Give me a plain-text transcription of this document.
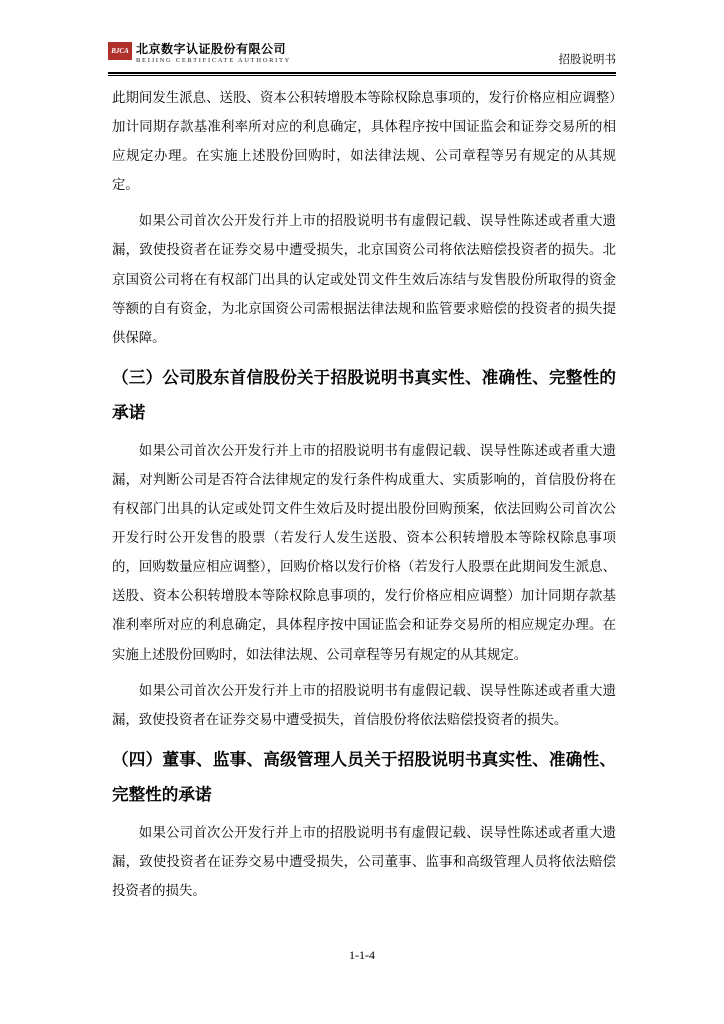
BJCA 北京数字认证股份有限公司
BEIJING CERTIFICATE AUTHORITY	招股说明书

此期间发生派息、送股、资本公积转增股本等除权除息事项的，发行价格应相应调整）加计同期存款基准利率所对应的利息确定，具体程序按中国证监会和证券交易所的相应规定办理。在实施上述股份回购时，如法律法规、公司章程等另有规定的从其规定。

如果公司首次公开发行并上市的招股说明书有虚假记载、误导性陈述或者重大遗漏，致使投资者在证券交易中遭受损失，北京国资公司将依法赔偿投资者的损失。北京国资公司将在有权部门出具的认定或处罚文件生效后冻结与发售股份所取得的资金等额的自有资金，为北京国资公司需根据法律法规和监管要求赔偿的投资者的损失提供保障。

（三）公司股东首信股份关于招股说明书真实性、准确性、完整性的承诺

如果公司首次公开发行并上市的招股说明书有虚假记载、误导性陈述或者重大遗漏，对判断公司是否符合法律规定的发行条件构成重大、实质影响的，首信股份将在有权部门出具的认定或处罚文件生效后及时提出股份回购预案，依法回购公司首次公开发行时公开发售的股票（若发行人发生送股、资本公积转增股本等除权除息事项的，回购数量应相应调整），回购价格以发行价格（若发行人股票在此期间发生派息、送股、资本公积转增股本等除权除息事项的，发行价格应相应调整）加计同期存款基准利率所对应的利息确定，具体程序按中国证监会和证券交易所的相应规定办理。在实施上述股份回购时，如法律法规、公司章程等另有规定的从其规定。

如果公司首次公开发行并上市的招股说明书有虚假记载、误导性陈述或者重大遗漏，致使投资者在证券交易中遭受损失，首信股份将依法赔偿投资者的损失。

（四）董事、监事、高级管理人员关于招股说明书真实性、准确性、完整性的承诺

如果公司首次公开发行并上市的招股说明书有虚假记载、误导性陈述或者重大遗漏，致使投资者在证券交易中遭受损失，公司董事、监事和高级管理人员将依法赔偿投资者的损失。

1-1-4
